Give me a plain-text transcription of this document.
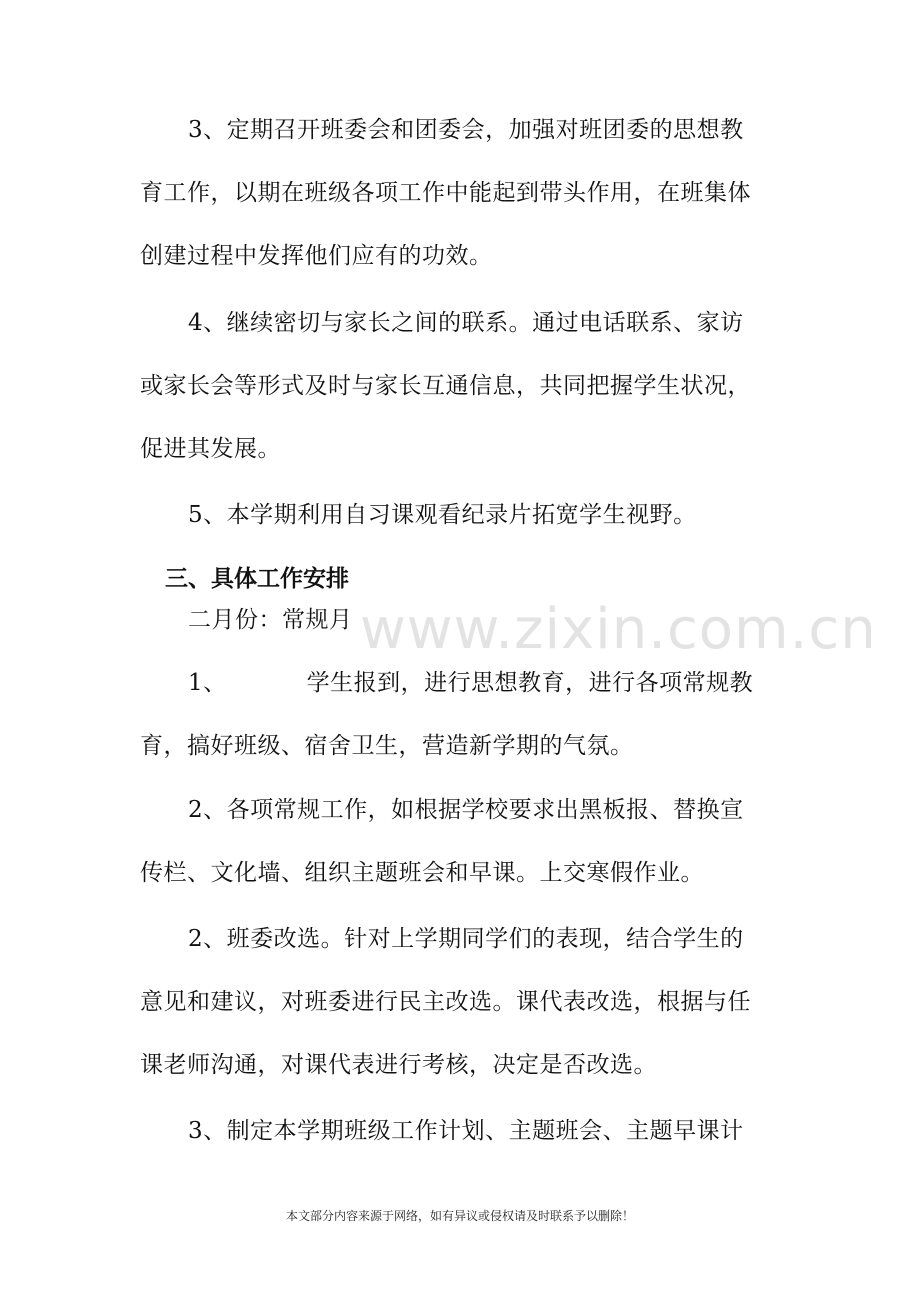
www.zixin.com.cn
3、定期召开班委会和团委会，加强对班团委的思想教
育工作，以期在班级各项工作中能起到带头作用，在班集体
创建过程中发挥他们应有的功效。
4、继续密切与家长之间的联系。通过电话联系、家访
或家长会等形式及时与家长互通信息，共同把握学生状况，
促进其发展。
5、本学期利用自习课观看纪录片拓宽学生视野。
三、具体工作安排
二月份：常规月
1、	学生报到，进行思想教育，进行各项常规教
育，搞好班级、宿舍卫生，营造新学期的气氛。
2、各项常规工作，如根据学校要求出黑板报、替换宣
传栏、文化墙、组织主题班会和早课。上交寒假作业。
2、班委改选。针对上学期同学们的表现，结合学生的
意见和建议，对班委进行民主改选。课代表改选，根据与任
课老师沟通，对课代表进行考核，决定是否改选。
3、制定本学期班级工作计划、主题班会、主题早课计
本文部分内容来源于网络，如有异议或侵权请及时联系予以删除！
